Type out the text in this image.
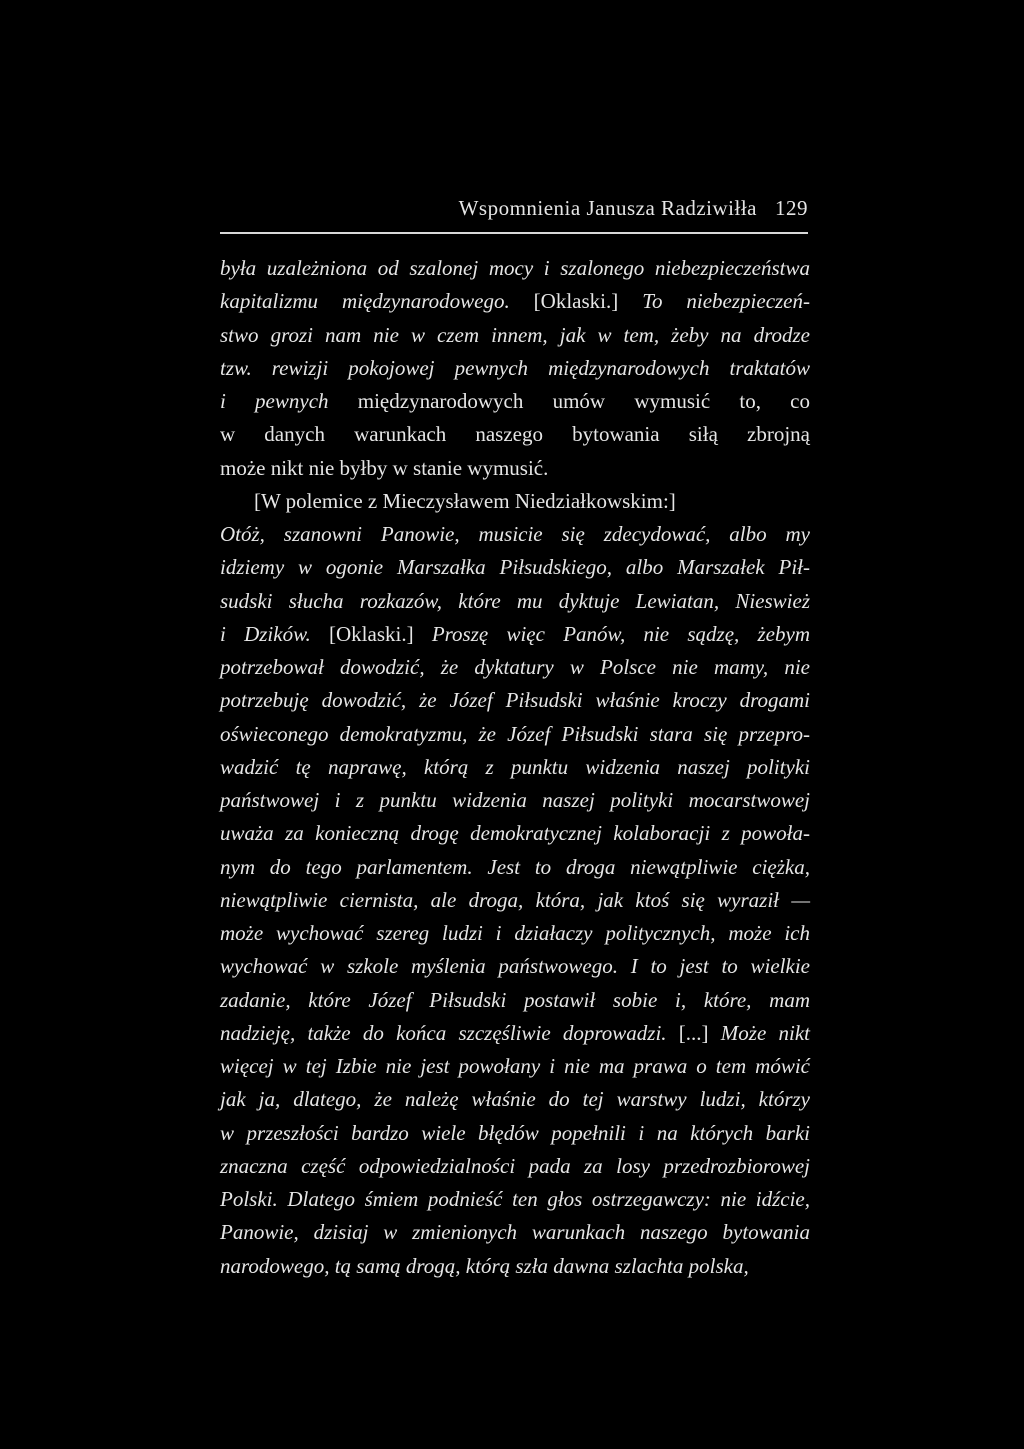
Wspomnienia Janusza Radziwiłła 129
była uzależniona od szalonej mocy i szalonego niebezpieczeństwa
kapitalizmu międzynarodowego. [Oklaski.] To niebezpieczeń-
stwo grozi nam nie w czem innem, jak w tem, żeby na drodze
tzw. rewizji pokojowej pewnych międzynarodowych traktatów
i pewnych międzynarodowych umów wymusić to, co
w danych warunkach naszego bytowania siłą zbrojną
może nikt nie byłby w stanie wymusić.
[W polemice z Mieczysławem Niedziałkowskim:]
Otóż, szanowni Panowie, musicie się zdecydować, albo my
idziemy w ogonie Marszałka Piłsudskiego, albo Marszałek Pił-
sudski słucha rozkazów, które mu dyktuje Lewiatan, Nieswież
i Dzików. [Oklaski.] Proszę więc Panów, nie sądzę, żebym
potrzebował dowodzić, że dyktatury w Polsce nie mamy, nie
potrzebuję dowodzić, że Józef Piłsudski właśnie kroczy drogami
oświeconego demokratyzmu, że Józef Piłsudski stara się przepro-
wadzić tę naprawę, którą z punktu widzenia naszej polityki
państwowej i z punktu widzenia naszej polityki mocarstwowej
uważa za konieczną drogę demokratycznej kolaboracji z powoła-
nym do tego parlamentem. Jest to droga niewątpliwie ciężka,
niewątpliwie ciernista, ale droga, która, jak ktoś się wyraził —
może wychować szereg ludzi i działaczy politycznych, może ich
wychować w szkole myślenia państwowego. I to jest to wielkie
zadanie, które Józef Piłsudski postawił sobie i, które, mam
nadzieję, także do końca szczęśliwie doprowadzi. [...] Może nikt
więcej w tej Izbie nie jest powołany i nie ma prawa o tem mówić
jak ja, dlatego, że należę właśnie do tej warstwy ludzi, którzy
w przeszłości bardzo wiele błędów popełnili i na których barki
znaczna część odpowiedzialności pada za losy przedrozbiorowej
Polski. Dlatego śmiem podnieść ten głos ostrzegawczy: nie idźcie,
Panowie, dzisiaj w zmienionych warunkach naszego bytowania
narodowego, tą samą drogą, którą szła dawna szlachta polska,
